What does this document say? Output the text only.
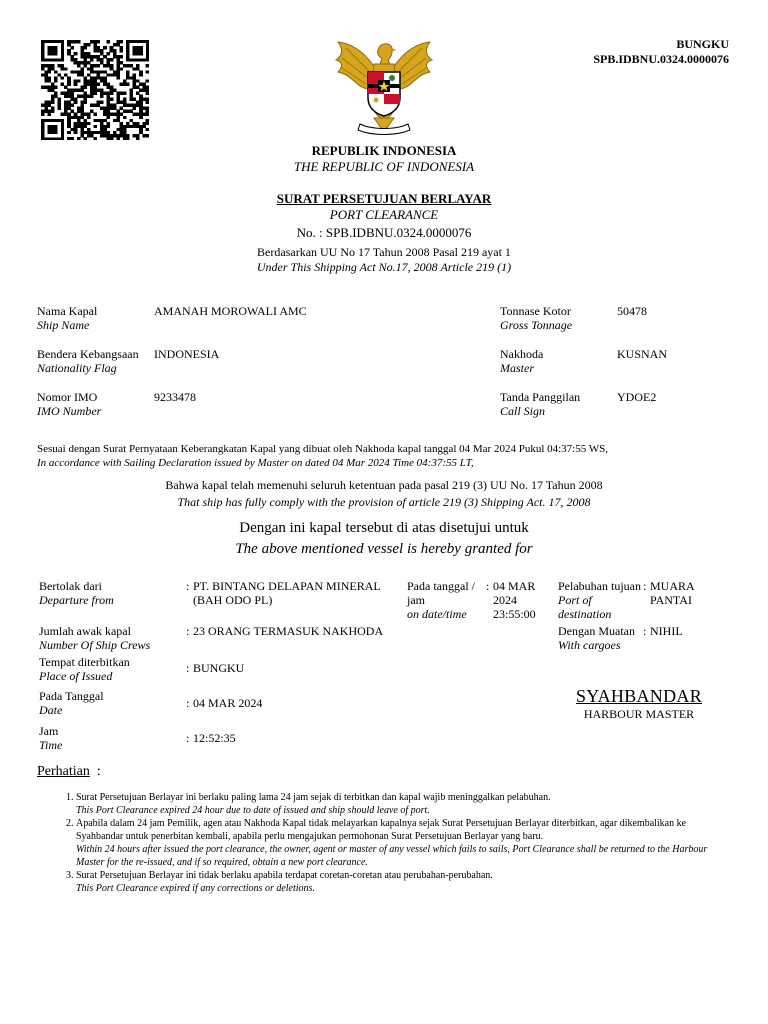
BUNGKU
SPB.IDBNU.0324.0000076
REPUBLIK INDONESIA
THE REPUBLIC OF INDONESIA
SURAT PERSETUJUAN BERLAYAR
PORT CLEARANCE
No. : SPB.IDBNU.0324.0000076
Berdasarkan UU No 17 Tahun 2008 Pasal 219 ayat 1
Under This Shipping Act No.17, 2008 Article 219 (1)
Nama Kapal
Ship Name
AMANAH MOROWALI AMC
Bendera Kebangsaan
Nationality Flag
INDONESIA
Nomor IMO
IMO Number
9233478
Tonnase Kotor
Gross Tonnage
50478
Nakhoda
Master
KUSNAN
Tanda Panggilan
Call Sign
YDOE2
Sesuai dengan Surat Pernyataan Keberangkatan Kapal yang dibuat oleh Nakhoda kapal tanggal 04 Mar 2024 Pukul 04:37:55 WS,
In accordance with Sailing Declaration issued by Master on dated 04 Mar 2024 Time 04:37:55 LT,
Bahwa kapal telah memenuhi seluruh ketentuan pada pasal 219 (3) UU No. 17 Tahun 2008
That ship has fully comply with the provision of article 219 (3) Shipping Act. 17, 2008
Dengan ini kapal tersebut di atas disetujui untuk
The above mentioned vessel is hereby granted for
Bertolak dari
Departure from
: PT. BINTANG DELAPAN MINERAL (BAH ODO PL)
Pada tanggal / jam
on date/time
: 04 MAR 2024 23:55:00
Pelabuhan tujuan
Port of destination
: MUARA PANTAI
Jumlah awak kapal
Number Of Ship Crews
: 23 ORANG TERMASUK NAKHODA	Dengan Muatan
With cargoes
: NIHIL
Tempat diterbitkan
Place of Issued
: BUNGKU
Pada Tanggal
Date	: 04 MAR 2024
Jam
Time	: 12:52:35
SYAHBANDAR
HARBOUR MASTER
Perhatian  :
1. Surat Persetujuan Berlayar ini berlaku paling lama 24 jam sejak di terbitkan dan kapal wajib meninggalkan pelabuhan.
This Port Clearance expired 24 hour due to date of issued and ship should leave of port.
2. Apabila dalam 24 jam Pemilik, agen atau Nakhoda Kapal tidak melayarkan kapalnya sejak Surat Persetujuan Berlayar diterbitkan, agar dikembalikan ke Syahbandar untuk penerbitan kembali, apabila perlu mengajukan permohonan Surat Persetujuan Berlayar yang baru.
Within 24 hours after issued the port clearance, the owner, agent or master of any vessel which fails to sails, Port Clearance shall be returned to the Harbour Master for the re-issued, and if so required, obtain a new port clearance.
3. Surat Persetujuan Berlayar ini tidak berlaku apabila terdapat coretan-coretan atau perubahan-perubahan.
This Port Clearance expired if any corrections or deletions.
